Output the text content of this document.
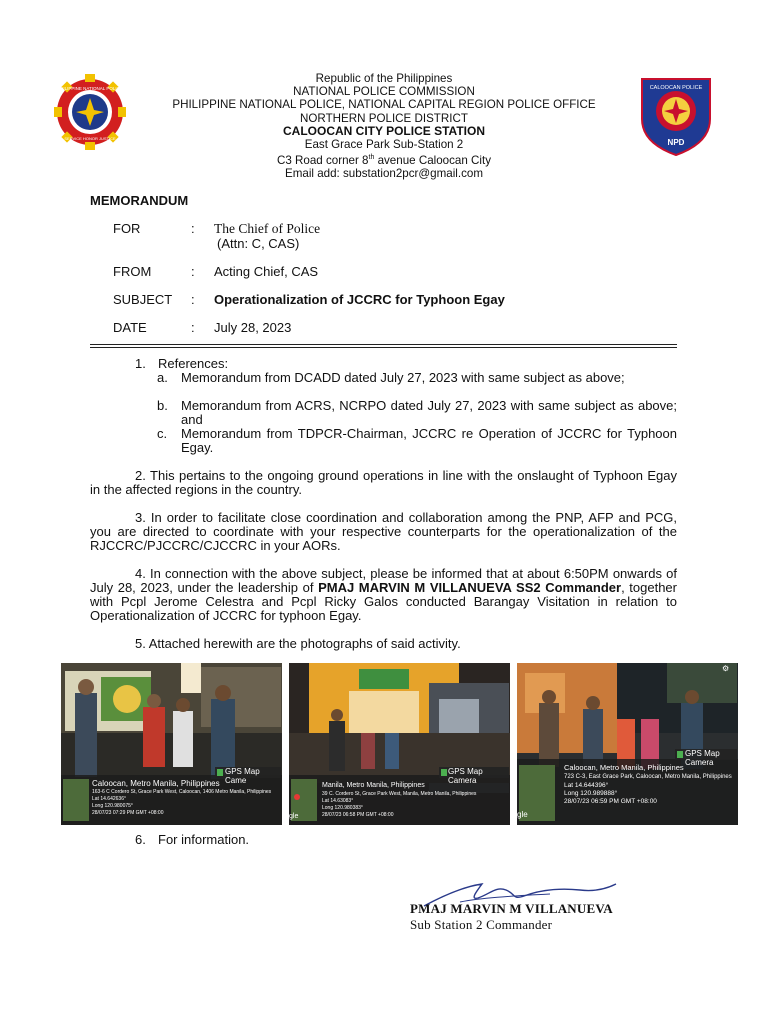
PHILIPPINE NATIONAL POLICE
SERVICE HONOR JUSTICE
CALOOCAN POLICE
NPD
Republic of the Philippines
NATIONAL POLICE COMMISSION
PHILIPPINE NATIONAL POLICE, NATIONAL CAPITAL REGION POLICE OFFICE
NORTHERN POLICE DISTRICT
CALOOCAN CITY POLICE STATION
East Grace Park Sub-Station 2
C3 Road corner 8th avenue Caloocan City
Email add: substation2pcr@gmail.com
MEMORANDUM
FOR	: The Chief of Police
(Attn: C, CAS)
FROM	: Acting Chief, CAS
SUBJECT	: Operationalization of JCCRC for Typhoon Egay
DATE	: July 28, 2023
1. References:
a. Memorandum from DCADD dated July 27, 2023 with same subject as above;
b. Memorandum from ACRS, NCRPO dated July 27, 2023 with same subject as above; and
c. Memorandum from TDPCR-Chairman, JCCRC re Operation of JCCRC for Typhoon Egay.
2. This pertains to the ongoing ground operations in line with the onslaught of Typhoon Egay in the affected regions in the country.
3. In order to facilitate close coordination and collaboration among the PNP, AFP and PCG, you are directed to coordinate with your respective counterparts for the operationalization of the RJCCRC/PJCCRC/CJCCRC in your AORs.
4. In connection with the above subject, please be informed that at about 6:50PM onwards of July 28, 2023, under the leadership of PMAJ MARVIN M VILLANUEVA SS2 Commander, together with Pcpl Jerome Celestra and Pcpl Ricky Galos conducted Barangay Visitation in relation to Operationalization of JCCRC for typhoon Egay.
5. Attached herewith are the photographs of said activity.
GPS Map Came
Caloocan, Metro Manila, Philippines
163-6 C Cordero St, Grace Park West, Caloocan, 1406 Metro Manila, Philippines
Lat 14.642636°
Long 120.980075°
28/07/23 07:29 PM GMT +08:00
GPS Map Camera
Manila, Metro Manila, Philippines
39 C. Cordero St, Grace Park West, Manila, Metro Manila, Philippines
Lat 14.63083°
Long 120.980383°
28/07/23 06:58 PM GMT +08:00
gle
⚙
GPS Map Camera
Caloocan, Metro Manila, Philippines
723 C-3, East Grace Park, Caloocan, Metro Manila, Philippines
Lat 14.644396°
Long 120.989888°
28/07/23 06:59 PM GMT +08:00
gle
6. For information.
PMAJ MARVIN M VILLANUEVA
Sub Station 2 Commander
